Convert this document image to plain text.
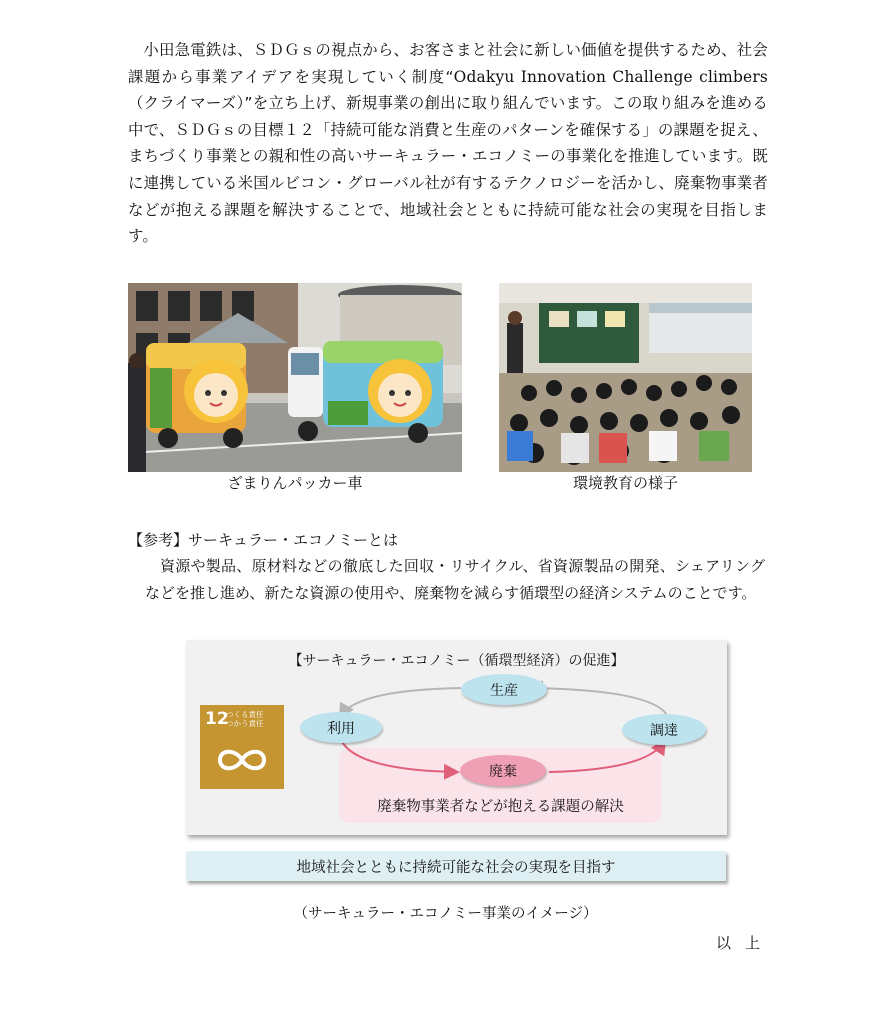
小田急電鉄は、ＳＤＧｓの視点から、お客さまと社会に新しい価値を提供するため、社会課題から事業アイデアを実現していく制度“Odakyu Innovation Challenge climbers（クライマーズ）”を立ち上げ、新規事業の創出に取り組んでいます。この取り組みを進める中で、ＳＤＧｓの目標１２「持続可能な消費と生産のパターンを確保する」の課題を捉え、まちづくり事業との親和性の高いサーキュラー・エコノミーの事業化を推進しています。既に連携している米国ルビコン・グローバル社が有するテクノロジーを活かし、廃棄物事業者などが抱える課題を解決することで、地域社会とともに持続可能な社会の実現を目指します。

ざまりんパッカー車	環境教育の様子
【参考】サーキュラー・エコノミーとは

資源や製品、原材料などの徹底した回収・リサイクル、省資源製品の開発、シェアリングなどを推し進め、新たな資源の使用や、廃棄物を減らす循環型の経済システムのことです。

【サーキュラー・エコノミー（循環型経済）の促進】
廃棄物事業者などが抱える課題の解決
生産
利用	調達
廃棄
12
つくる責任
つかう責任
地域社会とともに持続可能な社会の実現を目指す
（サーキュラー・エコノミー事業のイメージ）
以上
